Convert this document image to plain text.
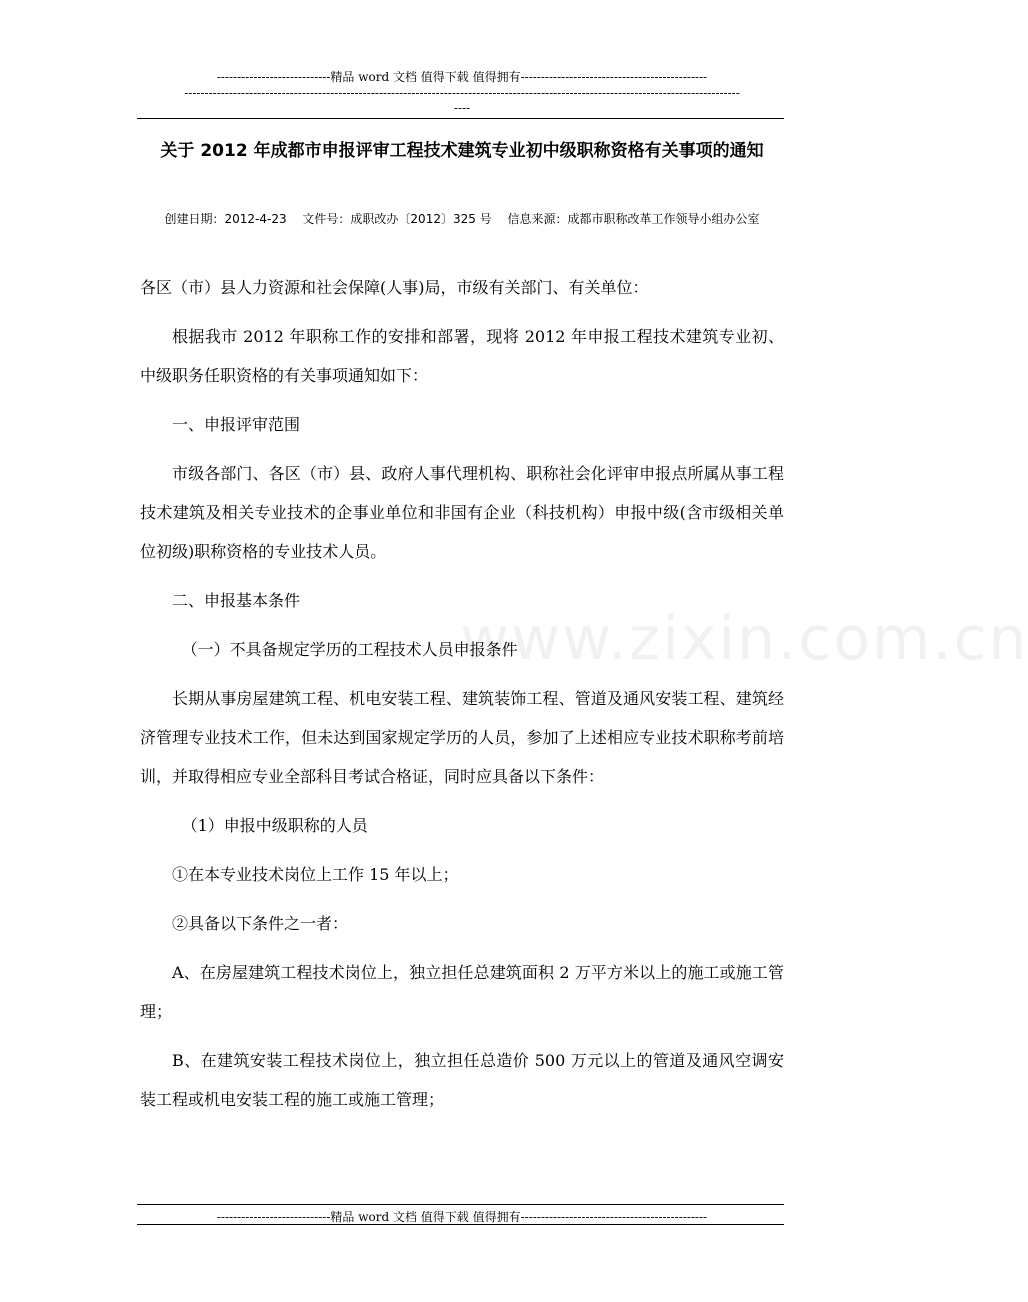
----------------------------精品 word 文档 值得下载 值得拥有----------------------------------------------
-----------------------------------------------------------------------------------------------------------------------------------------
----
关于 2012 年成都市申报评审工程技术建筑专业初中级职称资格有关事项的通知
创建日期：2012-4-23　 文件号：成职改办〔2012〕325 号　 信息来源：成都市职称改革工作领导小组办公室

各区（市）县人力资源和社会保障(人事)局，市级有关部门、有关单位：

根据我市 2012 年职称工作的安排和部署，现将 2012 年申报工程技术建筑专业初、中级职务任职资格的有关事项通知如下：

一、申报评审范围

市级各部门、各区（市）县、政府人事代理机构、职称社会化评审申报点所属从事工程技术建筑及相关专业技术的企事业单位和非国有企业（科技机构）申报中级(含市级相关单位初级)职称资格的专业技术人员。

二、申报基本条件

（一）不具备规定学历的工程技术人员申报条件

长期从事房屋建筑工程、机电安装工程、建筑装饰工程、管道及通风安装工程、建筑经济管理专业技术工作，但未达到国家规定学历的人员，参加了上述相应专业技术职称考前培训，并取得相应专业全部科目考试合格证，同时应具备以下条件：

（1）申报中级职称的人员

①在本专业技术岗位上工作 15 年以上；

②具备以下条件之一者：

A、在房屋建筑工程技术岗位上，独立担任总建筑面积 2 万平方米以上的施工或施工管理；

B、在建筑安装工程技术岗位上，独立担任总造价 500 万元以上的管道及通风空调安装工程或机电安装工程的施工或施工管理；

www.zixin.com.cn
----------------------------精品 word 文档 值得下载 值得拥有----------------------------------------------
